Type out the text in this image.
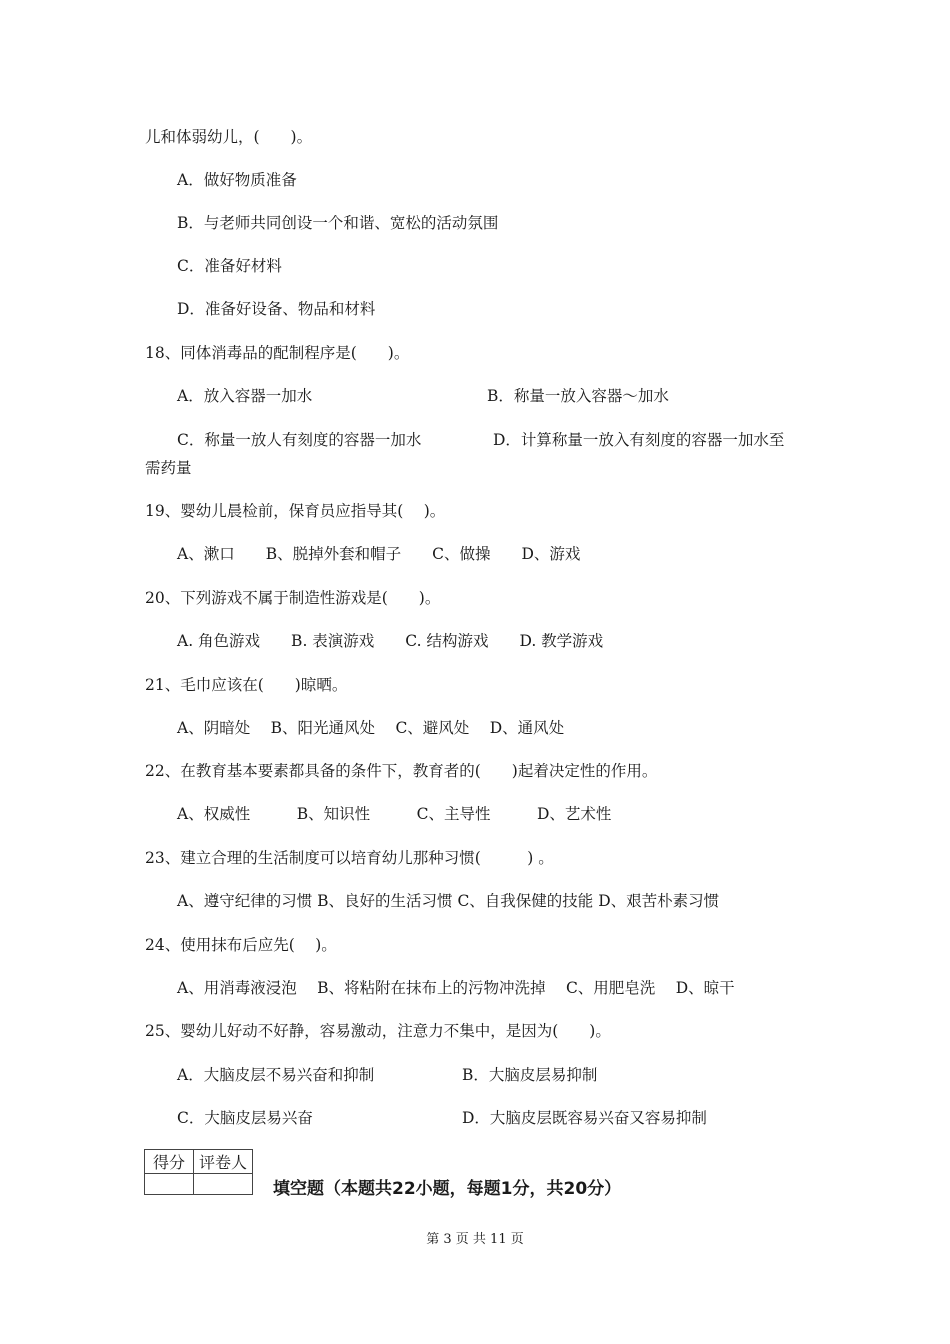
儿和体弱幼儿，(　　)。
A．做好物质准备
B．与老师共同创设一个和谐、宽松的活动氛围
C．准备好材料
D．准备好设备、物品和材料
18、同体消毒品的配制程序是(　　)。
A．放入容器一加水	B．称量一放入容器～加水
C．称量一放人有刻度的容器一加水	D．计算称量一放入有刻度的容器一加水至
需药量
19、婴幼儿晨检前，保育员应指导其(　 )。
A、漱口　　B、脱掉外套和帽子　　C、做操　　D、游戏
20、下列游戏不属于制造性游戏是(　　)。
A. 角色游戏　　B. 表演游戏　　C. 结构游戏　　D. 教学游戏
21、毛巾应该在(　　)晾晒。
A、阴暗处　 B、阳光通风处　 C、避风处　 D、通风处
22、在教育基本要素都具备的条件下，教育者的(　　)起着决定性的作用。
A、权威性　　　B、知识性　　　C、主导性　　　D、艺术性
23、建立合理的生活制度可以培育幼儿那种习惯(　　　) 。
A、遵守纪律的习惯 B、良好的生活习惯 C、自我保健的技能 D、艰苦朴素习惯
24、使用抹布后应先(　 )。
A、用消毒液浸泡　 B、将粘附在抹布上的污物冲洗掉　 C、用肥皂洗　 D、晾干
25、婴幼儿好动不好静，容易激动，注意力不集中，是因为(　　)。
A．大脑皮层不易兴奋和抑制	B．大脑皮层易抑制
C．大脑皮层易兴奋	D．大脑皮层既容易兴奋又容易抑制
得分	评卷人

填空题（本题共22小题，每题1分，共20分）
第 3 页 共 11 页
